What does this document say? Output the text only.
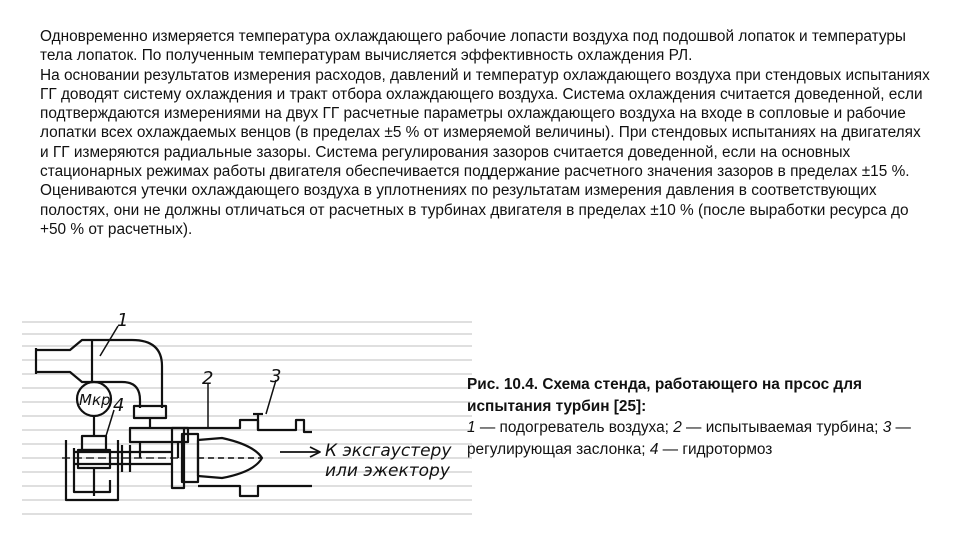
Одновременно измеряется температура охлаждающего рабочие лопасти воздуха под подошвой лопаток и температуры тела лопаток. По полученным температурам вычисляется эффективность охлаждения РЛ.

На основании результатов измерения расходов, давлений и температур охлаждающего воздуха при стендовых испытаниях ГГ доводят систему охлаждения и тракт отбора охлаждающего воздуха. Система охлаждения считается доведенной, если подтверждаются измерениями на двух ГГ расчетные параметры охлаждающего воздуха на входе в сопловые и рабочие лопатки всех охлаждаемых венцов (в пределах ±5 % от измеряемой величины). При стендовых испытаниях на двигателях и ГГ измеряются радиальные зазоры. Система регулирования зазоров считается доведенной, если на основных стационарных режимах работы двигателя обеспечивается поддержание расчетного значения зазоров в пределах ±15 %. Оцениваются утечки охлаждающего воздуха в уплотнениях по результатам измерения давления в соответствующих полостях, они не должны отличаться от расчетных в турбинах двигателя в пределах ±10 % (после выработки ресурса до +50 % от расчетных).

1
2	3
4
Mкр
К эксгаустеру
или эжектору
Рис. 10.4. Схема стенда, работающего на прсос для испытания турбин [25]:
1 — подогреватель воздуха; 2 — испытываемая турбина; 3 — регулирующая заслонка; 4 — гидротормоз
